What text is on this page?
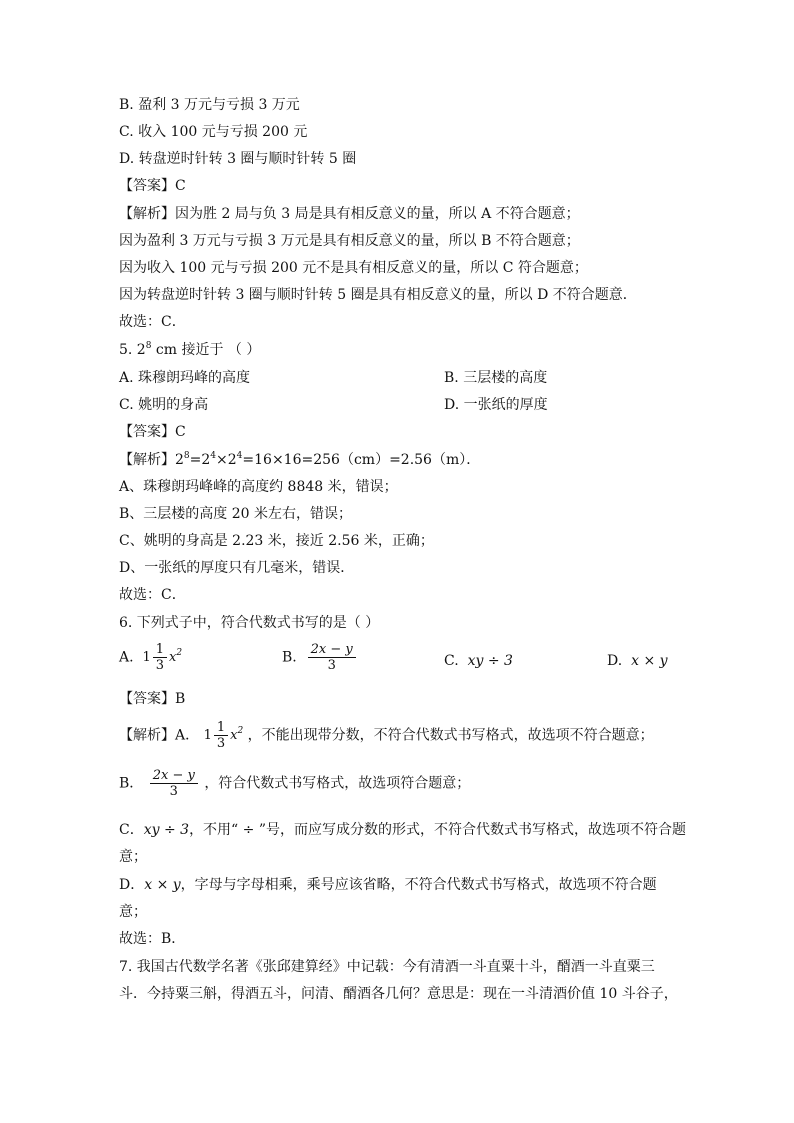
B. 盈利 3 万元与亏损 3 万元
C. 收入 100 元与亏损 200 元
D. 转盘逆时针转 3 圈与顺时针转 5 圈
【答案】C
【解析】因为胜 2 局与负 3 局是具有相反意义的量，所以 A 不符合题意；
因为盈利 3 万元与亏损 3 万元是具有相反意义的量，所以 B 不符合题意；
因为收入 100 元与亏损 200 元不是具有相反意义的量，所以 C 符合题意；
因为转盘逆时针转 3 圈与顺时针转 5 圈是具有相反意义的量，所以 D 不符合题意．
故选：C．
5. $2^8$ cm 接近于 （ ）
A. 珠穆朗玛峰的高度	B. 三层楼的高度
C. 姚明的身高	D. 一张纸的厚度
【答案】C
【解析】$2^8=2^4\times 2^4=16\times 16=256(cm)=2.56(m)$．
A、珠穆朗玛峰峰的高度约 8848 米，错误；
B、三层楼的高度 20 米左右，错误；
C、姚明的身高是 2.23 米，接近 2.56 米，正确；
D、一张纸的厚度只有几毫米，错误．
故选：C．
6. 下列式子中，符合代数式书写的是（ ）
A. $1 \frac{1}{3} x^2$	B. $\frac{2x - y}{3}$	C. xy ÷ 3	D. x × y
【答案】B
【解析】A． $1 \frac{1}{3} x^2$ ，不能出现带分数，不符合代数式书写格式，故选项不符合题意；
B． $\frac{2x - y}{3}$ ，符合代数式书写格式，故选项符合题意；
C．xy ÷ 3，不用“ ÷ ”号，而应写成分数的形式，不符合代数式书写格式，故选项不符合题
意；
D．x × y，字母与字母相乘，乘号应该省略，不符合代数式书写格式，故选项不符合题
意；
故选：B．
7. 我国古代数学名著《张邱建算经》中记载：今有清酒一斗直粟十斗，醑酒一斗直粟三
斗．今持粟三斛，得酒五斗，问清、醑酒各几何？意思是：现在一斗清酒价值 10 斗谷子，
